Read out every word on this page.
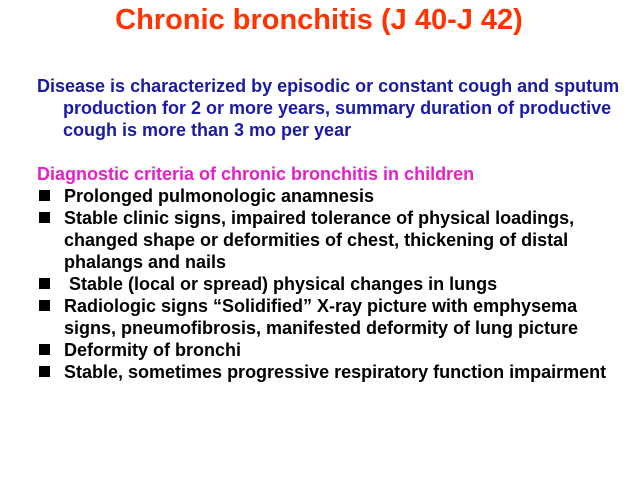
Chronic bronchitis (J 40-J 42)
Disease is characterized by episodic or constant cough and sputum production for 2 or more years, summary duration of productive cough is more than 3 mo per year
Diagnostic criteria of chronic bronchitis in children
Prolonged pulmonologic anamnesis
Stable clinic signs, impaired tolerance of physical loadings, changed shape or deformities of chest, thickening of distal phalangs and nails
Stable (local or spread) physical changes in lungs
Radiologic signs “Solidified” X-ray picture with emphysema signs, pneumofibrosis, manifested deformity of lung picture
Deformity of bronchi
Stable, sometimes progressive respiratory function impairment
